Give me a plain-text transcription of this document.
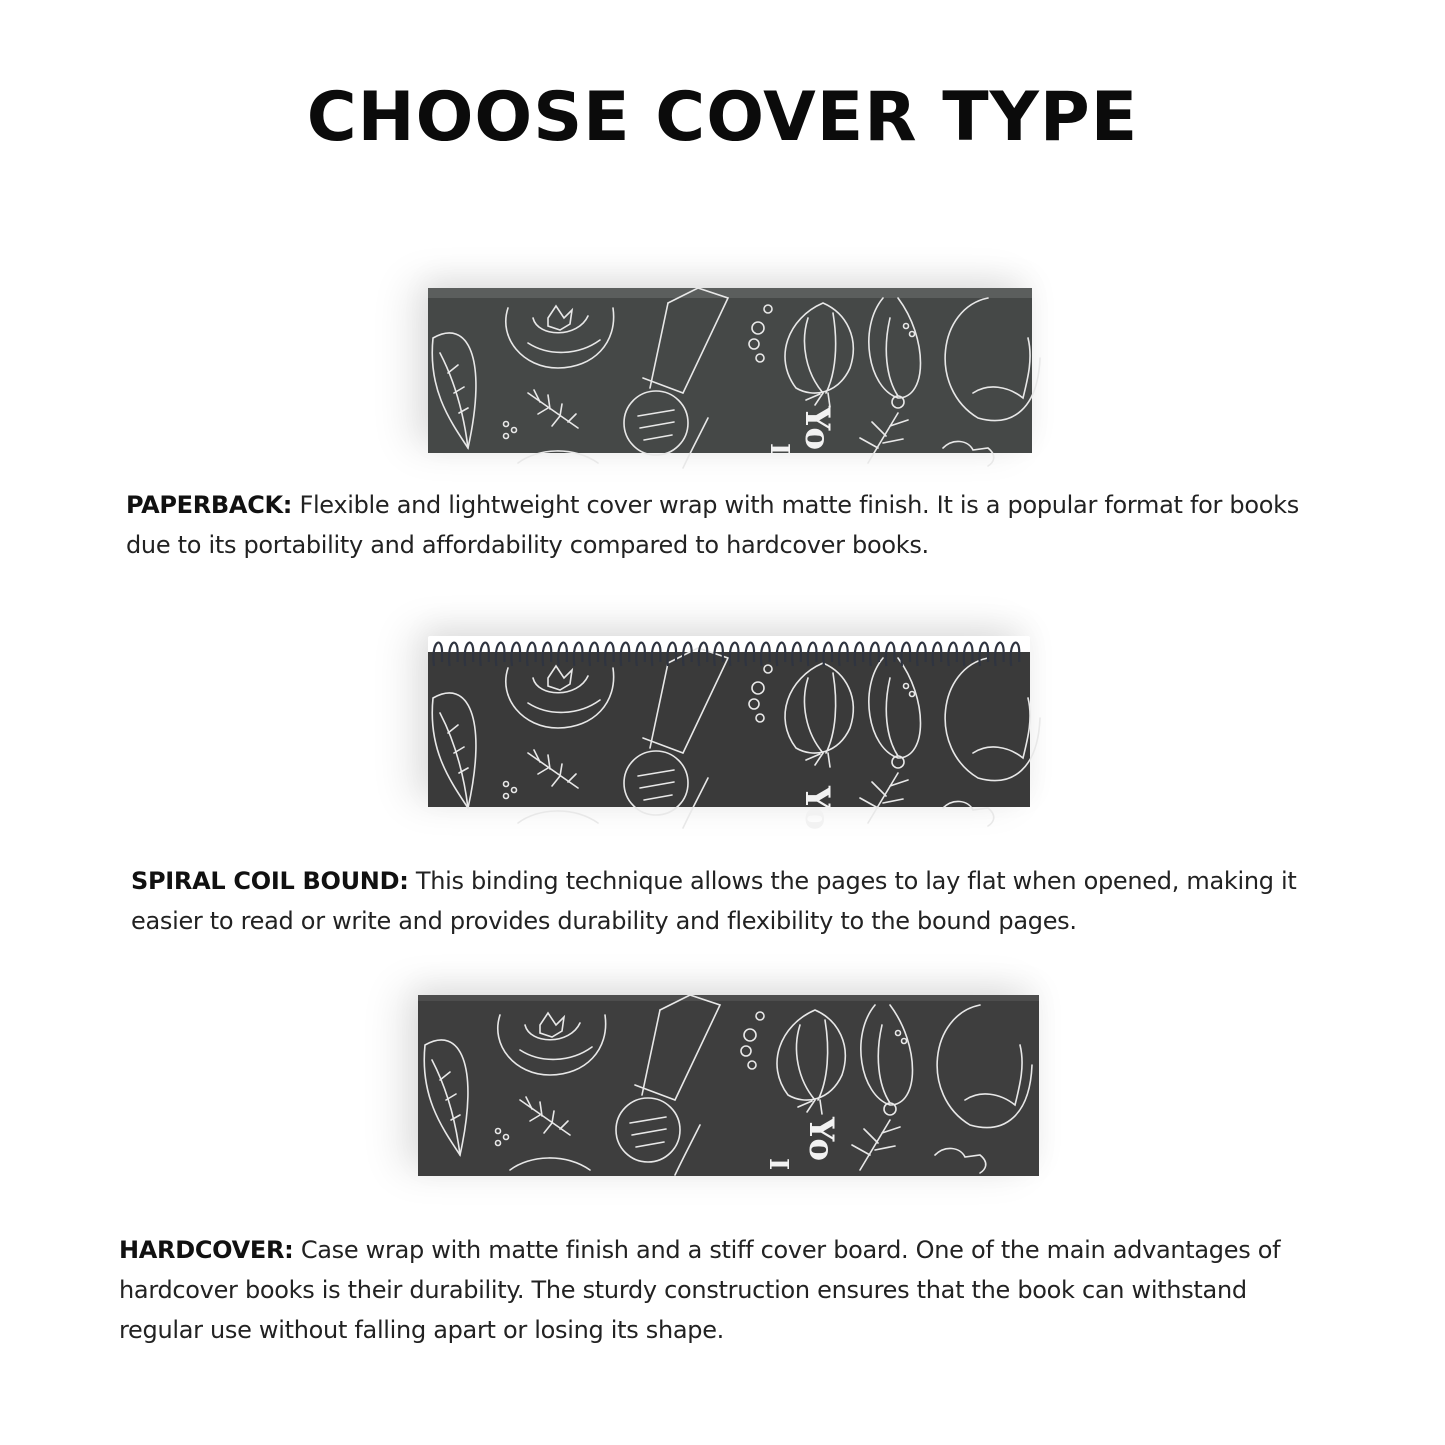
CHOOSE COVER TYPE
Yo
I

PAPERBACK: Flexible and lightweight cover wrap with matte finish. It is a popular format for books due to its portability and affordability compared to hardcover books.

Yo

SPIRAL COIL BOUND: This binding technique allows the pages to lay flat when opened, making it easier to read or write and provides durability and flexibility to the bound pages.

Yo
I

HARDCOVER: Case wrap with matte finish and a stiff cover board. One of the main advantages of hardcover books is their durability. The sturdy construction ensures that the book can withstand regular use without falling apart or losing its shape.
